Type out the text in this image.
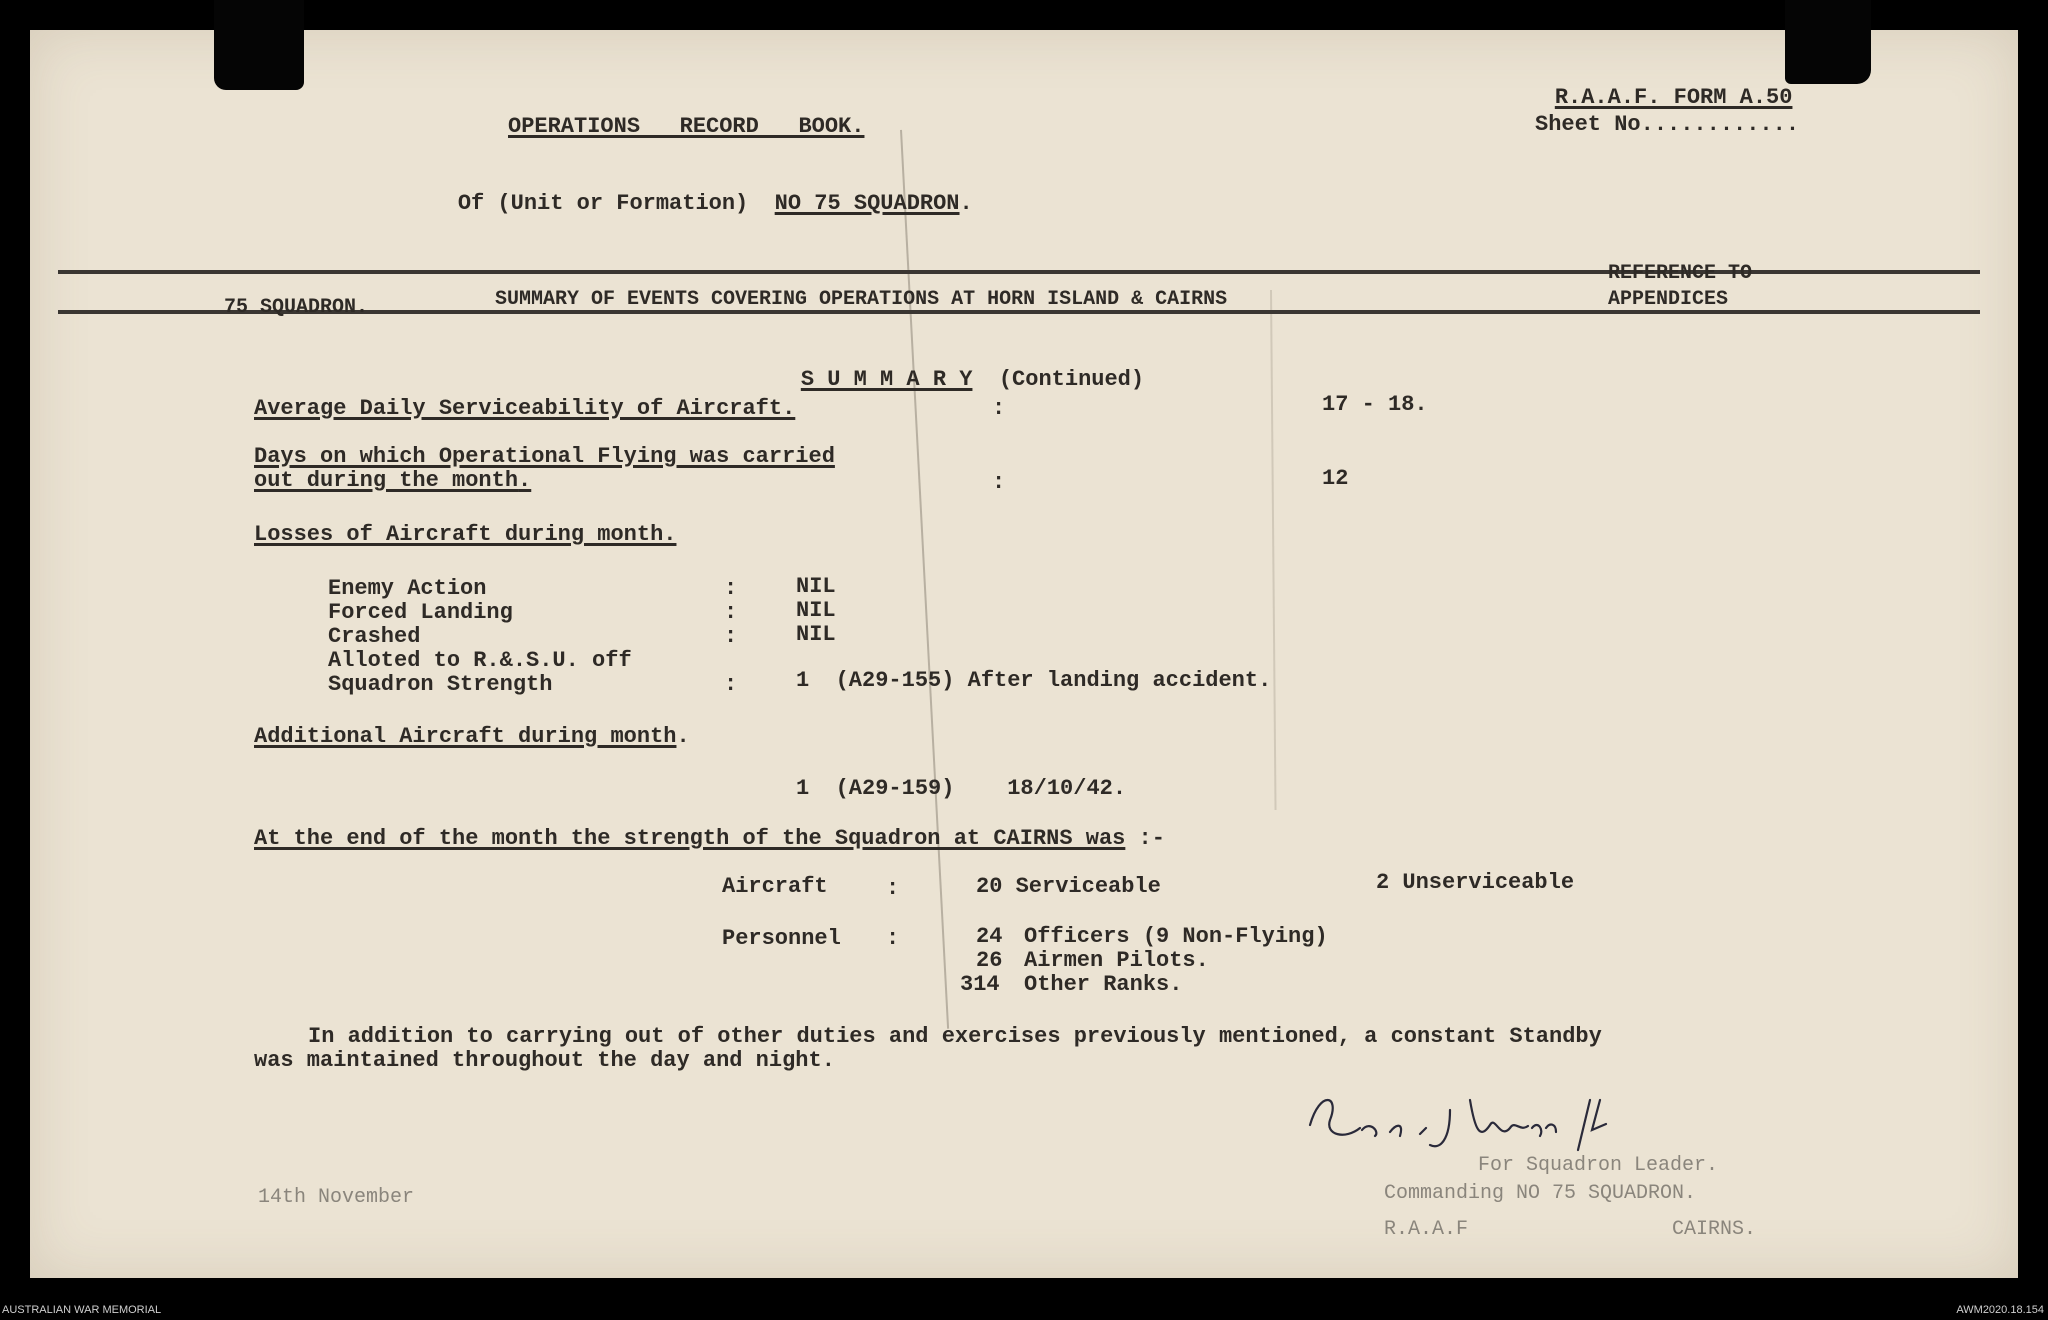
R.A.A.F. FORM A.50

Sheet No............
OPERATIONS   RECORD   BOOK.

Of (Unit or Formation) NO 75 SQUADRON.

75 SQUADRON.	SUMMARY OF EVENTS COVERING OPERATIONS AT HORN ISLAND & CAIRNS
REFERENCE TO
APPENDICES

S U M M A R Y (Continued)

Average Daily Serviceability of Aircraft.	:	17 - 18.
Days on which Operational Flying was carried
out during the month.	:	12
Losses of Aircraft during month.
Enemy Action	:	NIL
Forced Landing	:	NIL
Crashed	:	NIL
Alloted to R.&.S.U. off
Squadron Strength	:	1  (A29-155) After landing accident.
Additional Aircraft during month.
1  (A29-159)    18/10/42.
At the end of the month the strength of the Squadron at CAIRNS was :-
Aircraft	:	20 Serviceable	2 Unserviceable
Personnel :	24 Officers (9 Non-Flying)
26 Airmen Pilots.
314 Other Ranks.
In addition to carrying out of other duties and exercises previously mentioned, a constant Standby
was maintained throughout the day and night.
For Squadron Leader.
Commanding NO 75 SQUADRON.
R.A.A.F	CAIRNS.
14th November
AUSTRALIAN WAR MEMORIAL	AWM2020.18.154
